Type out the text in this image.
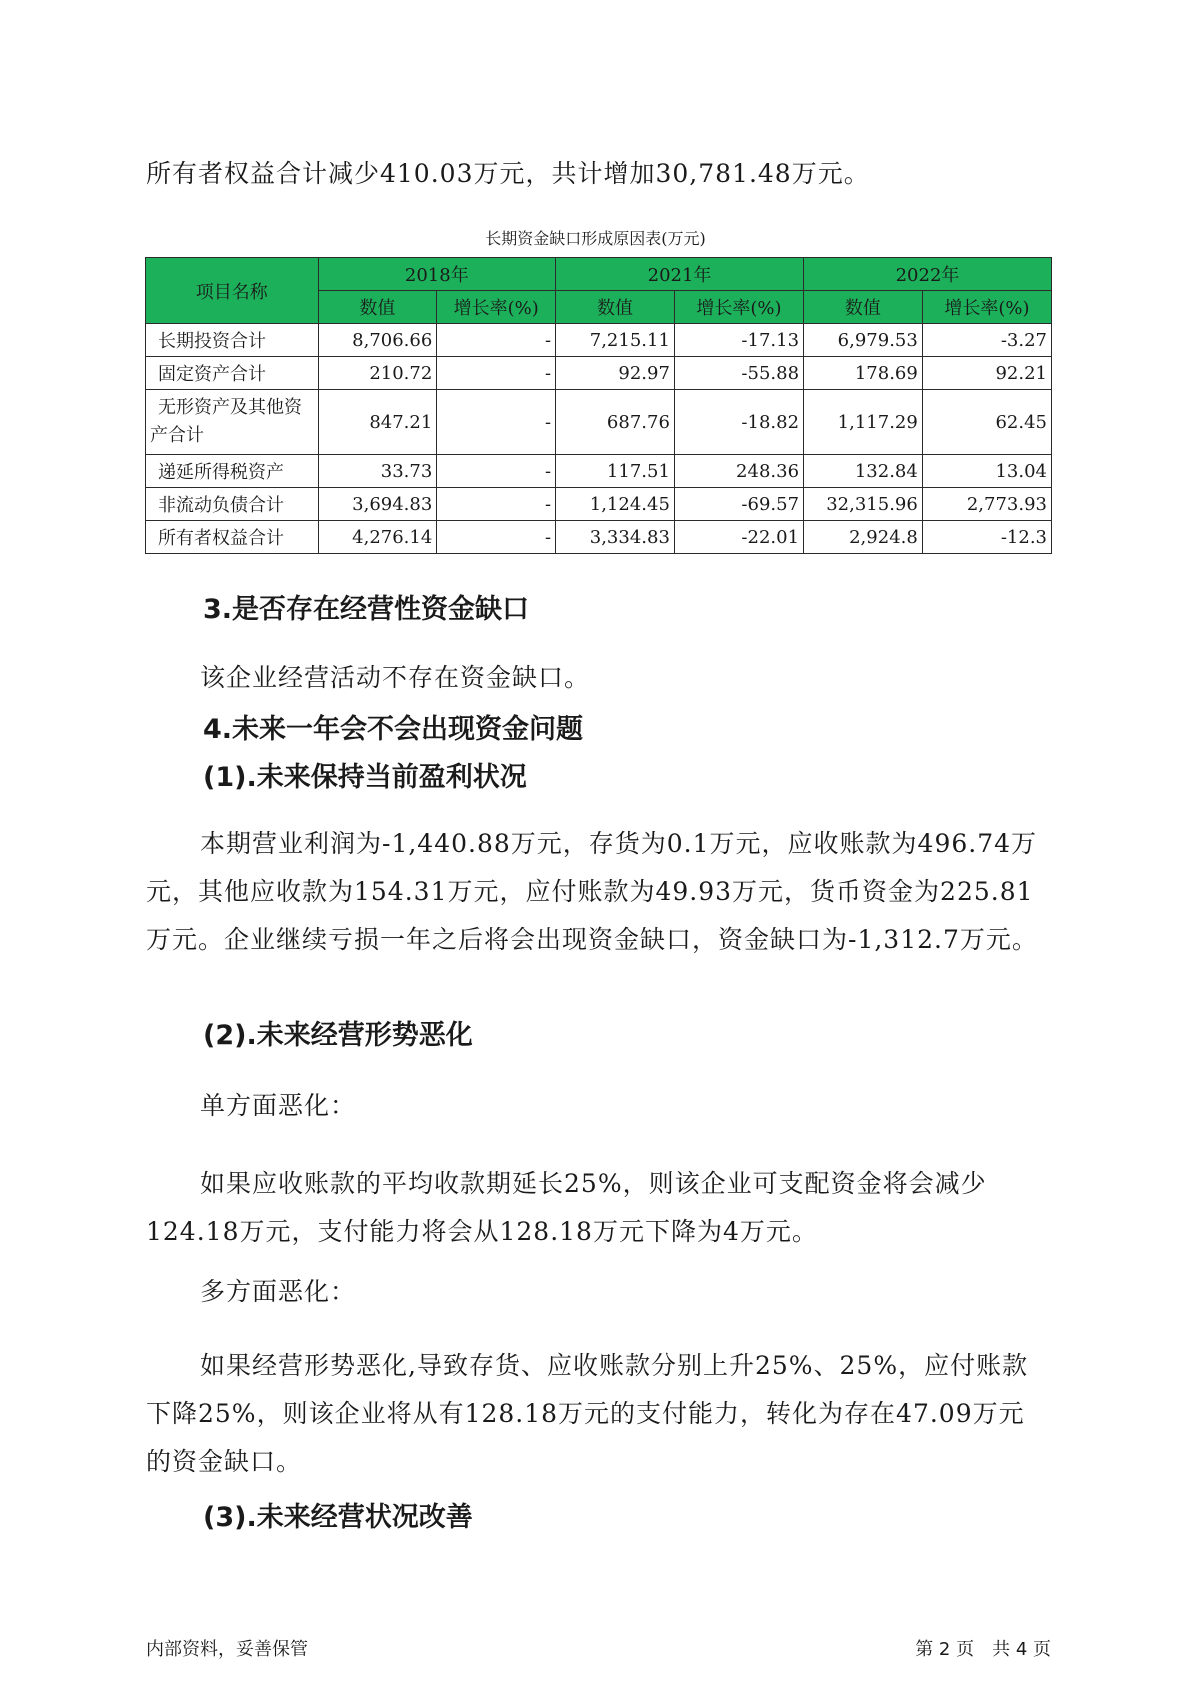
所有者权益合计减少410.03万元，共计增加30,781.48万元。

长期资金缺口形成原因表(万元)
项目名称	2018年		2021年		2022年	
	数值	增长率(%)	数值	增长率(%)	数值	增长率(%)
长期投资合计	8,706.66	-	7,215.11	-17.13	6,979.53	-3.27
固定资产合计	210.72	-	92.97	-55.88	178.69	92.21
无形资产及其他资产合计	847.21	-	687.76	-18.82	1,117.29	62.45
递延所得税资产	33.73	-	117.51	248.36	132.84	13.04
非流动负债合计	3,694.83	-	1,124.45	-69.57	32,315.96	2,773.93
所有者权益合计	4,276.14	-	3,334.83	-22.01	2,924.8	-12.3
3.是否存在经营性资金缺口

该企业经营活动不存在资金缺口。

4.未来一年会不会出现资金问题
(1).未来保持当前盈利状况

本期营业利润为-1,440.88万元，存货为0.1万元，应收账款为496.74万元，其他应收款为154.31万元，应付账款为49.93万元，货币资金为225.81万元。企业继续亏损一年之后将会出现资金缺口，资金缺口为-1,312.7万元。

(2).未来经营形势恶化

单方面恶化：

如果应收账款的平均收款期延长25%，则该企业可支配资金将会减少124.18万元，支付能力将会从128.18万元下降为4万元。

多方面恶化：

如果经营形势恶化,导致存货、应收账款分别上升25%、25%，应付账款下降25%，则该企业将从有128.18万元的支付能力，转化为存在47.09万元的资金缺口。

(3).未来经营状况改善
内部资料，妥善保管	第 2 页　共 4 页
